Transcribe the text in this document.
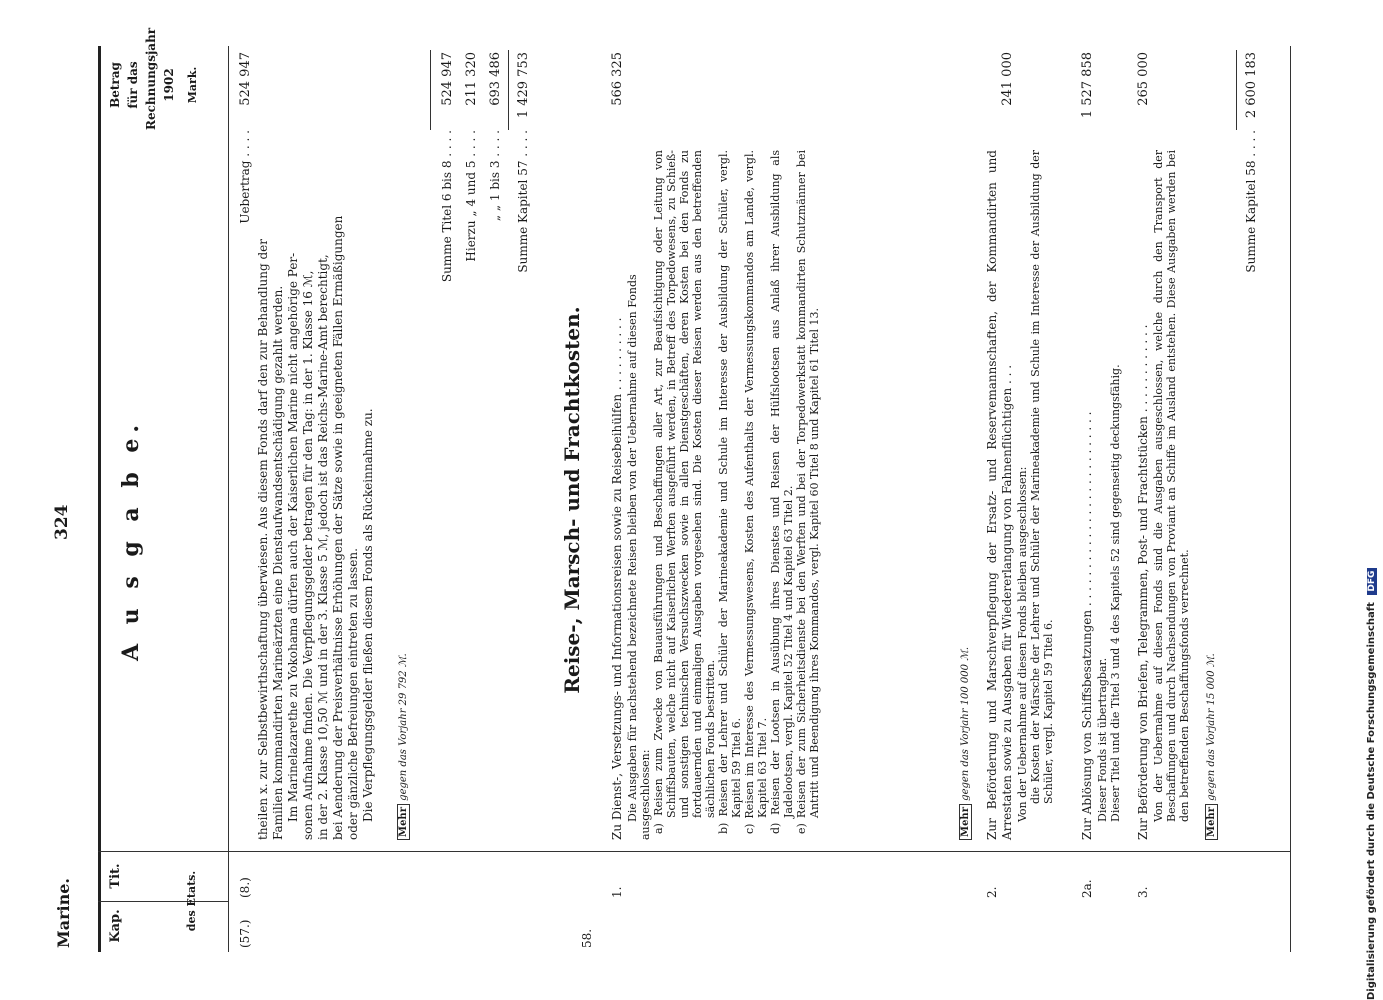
Marine.
324
Kap.
Tit.	des Etats.
Betrag für das Rechnungsjahr 1902 Mark.
A u s g a b e.
(57.)
(8.)
Uebertrag . . . .
524 947
theilen x. zur Selbstbewirthschaftung überwiesen. Aus diesem Fonds darf den zur Behandlung der Familien kommandirten Marineärzten eine Dienstaufwandsentschädigung gezahlt werden. Im Marinelazarethe zu Yokohama dürfen auch der Kaiserlichen Marine nicht angehörige Per- sonen Aufnahme finden. Die Verpflegungsgelder betragen für den Tag: in der 1. Klasse 16 ℳ, in der 2. Klasse 10,50 ℳ und in der 3. Klasse 5 ℳ, jedoch ist das Reichs-Marine-Amt berechtigt, bei Aenderung der Preisverhältnisse Erhöhungen der Sätze sowie in geeigneten Fällen Ermäßigungen oder gänzliche Befreiungen eintreten zu lassen. Die Verpflegungsgelder fließen diesem Fonds als Rückeinnahme zu.
Mehr gegen das Vorjahr 29 792 ℳ.
Summe Titel 6 bis 8 . . . .
524 947
Hierzu „ 4 und 5 . . . .
211 320
„ „ 1 bis 3 . . . .
693 486
Summe Kapitel 57 . . . .
1 429 753
58.
Reise-, Marsch- und Frachtkosten.
1.
Zu Dienst-, Versetzungs- und Informationsreisen sowie zu Reisebeihülfen . . . . . . . . . .
566 325
Die Ausgaben für nachstehend bezeichnete Reisen bleiben von der Uebernahme auf diesen Fonds ausgeschlossen: a) Reisen zum Zwecke von Bauausführungen und Beschaffungen aller Art, zur Beaufsichtigung oder Leitung von Schiffsbauten, welche nicht auf Kaiserlichen Werften ausgeführt werden, in Betreff des Torpedowesens, zu Schieß- und sonstigen technischen Versuchszwecken sowie in allen Dienstgeschäften, deren Kosten bei den Fonds zu fortdauernden und einmaligen Ausgaben vorgesehen sind. Die Kosten dieser Reisen werden aus den betreffenden sächlichen Fonds bestritten. b) Reisen der Lehrer und Schüler der Marineakademie und Schule im Interesse der Ausbildung der Schüler, vergl. Kapitel 59 Titel 6. c) Reisen im Interesse des Vermessungswesens, Kosten des Aufenthalts der Vermessungskommandos am Lande, vergl. Kapitel 63 Titel 7. d) Reisen der Lootsen in Ausübung ihres Dienstes und Reisen der Hülfslootsen aus Anlaß ihrer Ausbildung als Jadelootsen, vergl. Kapitel 52 Titel 4 und Kapitel 63 Titel 2. e) Reisen der zum Sicherheitsdienste bei den Werften und bei der Torpedowerkstatt kommandirten Schutzmänner bei Antritt und Beendigung ihres Kommandos, vergl. Kapitel 60 Titel 8 und Kapitel 61 Titel 13.
Mehr gegen das Vorjahr 100 000 ℳ.
2.
Zur Beförderung und Marschverpflegung der Ersatz- und Reservemannschaften, der Kommandirten und Arrestaten sowie zu Ausgaben für Wiedererlangung von Fahnenflüchtigen . . .
241 000
Von der Uebernahme auf diesen Fonds bleiben ausgeschlossen: die Kosten der Märsche der Lehrer und Schüler der Marineakademie und Schule im Interesse der Ausbildung der Schüler, vergl. Kapitel 59 Titel 6.
2a.
Zur Ablösung von Schiffsbesatzungen . . . . . . . . . . . . . . . . . . . . . . . . . .
1 527 858
Dieser Fonds ist übertragbar. Dieser Titel und die Titel 3 und 4 des Kapitels 52 sind gegenseitig deckungsfähig.
3.
Zur Beförderung von Briefen, Telegrammen, Post- und Frachtstücken . . . . . . . . . . . .
265 000
Von der Uebernahme auf diesen Fonds sind die Ausgaben ausgeschlossen, welche durch den Transport der Beschaffungen und durch Nachsendungen von Proviant an Schiffe im Ausland entstehen. Diese Ausgaben werden bei den betreffenden Beschaffungsfonds verrechnet.
Mehr gegen das Vorjahr 15 000 ℳ.
Summe Kapitel 58 . . . .
2 600 183
Digitalisierung gefördert durch die Deutsche Forschungsgemeinschaft DFG
